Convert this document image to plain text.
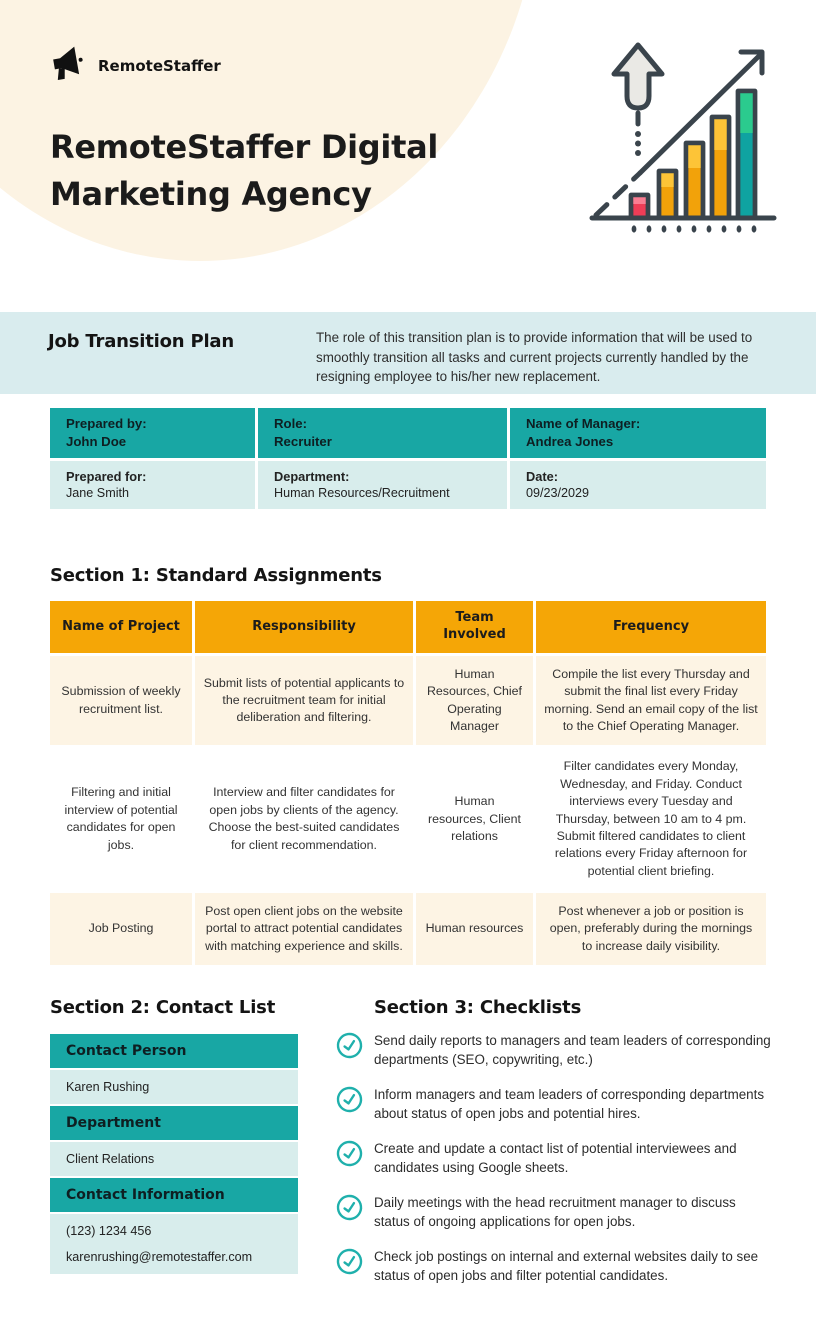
RemoteStaffer
RemoteStaffer Digital
Marketing Agency
Job Transition Plan	The role of this transition plan is to provide information that will be used to smoothly transition all tasks and current projects currently handled by the resigning employee to his/her new replacement.
Prepared by:
John Doe
Role:
Recruiter
Name of Manager:
Andrea Jones
Prepared for:
Jane Smith
Department:
Human Resources/Recruitment
Date:
09/23/2029
Section 1: Standard Assignments
Name of Project	Responsibility
Team Involved
Frequency
Submission of weekly recruitment list.
Submit lists of potential applicants to the recruitment team for initial deliberation and filtering.
Human Resources, Chief Operating Manager
Compile the list every Thursday and submit the final list every Friday morning. Send an email copy of the list to the Chief Operating Manager.
Filtering and initial interview of potential candidates for open jobs.
Interview and filter candidates for open jobs by clients of the agency. Choose the best-suited candidates for client recommendation.
Human resources, Client relations
Filter candidates every Monday, Wednesday, and Friday. Conduct interviews every Tuesday and Thursday, between 10 am to 4 pm. Submit filtered candidates to client relations every Friday afternoon for potential client briefing.
Job Posting
Post open client jobs on the website portal to attract potential candidates with matching experience and skills.
Human resources
Post whenever a job or position is open, preferably during the mornings to increase daily visibility.
Section 2: Contact List
Contact Person
Karen Rushing
Department
Client Relations
Contact Information
(123) 1234 456
karenrushing@remotestaffer.com
Section 3: Checklists
Send daily reports to managers and team leaders of corresponding departments (SEO, copywriting, etc.)
Inform managers and team leaders of corresponding departments about status of open jobs and potential hires.
Create and update a contact list of potential interviewees and candidates using Google sheets.
Daily meetings with the head recruitment manager to discuss status of ongoing applications for open jobs.
Check job postings on internal and external websites daily to see status of open jobs and filter potential candidates.
